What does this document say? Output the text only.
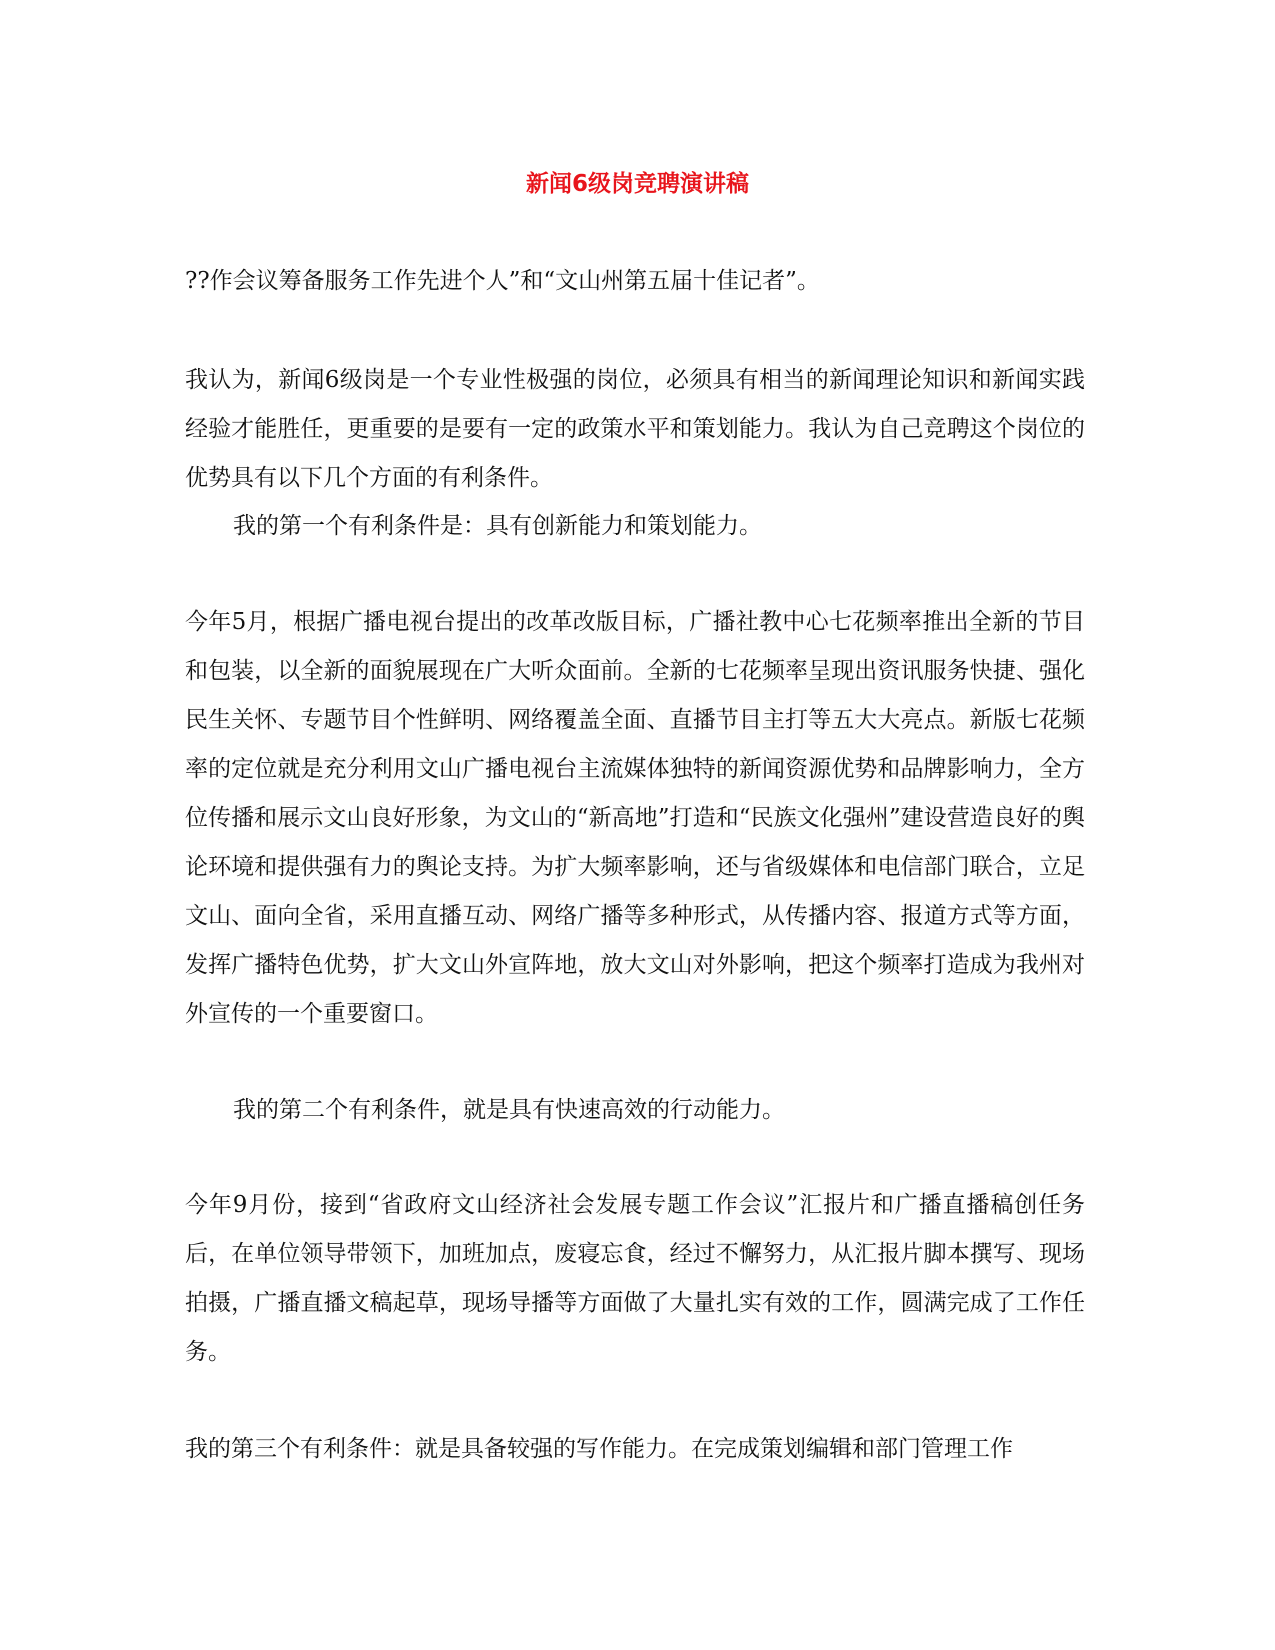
新闻6级岗竞聘演讲稿

??作会议筹备服务工作先进个人”和“文山州第五届十佳记者”。

我认为，新闻6级岗是一个专业性极强的岗位，必须具有相当的新闻理论知识和新闻实践经验才能胜任，更重要的是要有一定的政策水平和策划能力。我认为自己竞聘这个岗位的优势具有以下几个方面的有利条件。

我的第一个有利条件是：具有创新能力和策划能力。

今年5月，根据广播电视台提出的改革改版目标，广播社教中心七花频率推出全新的节目和包装，以全新的面貌展现在广大听众面前。全新的七花频率呈现出资讯服务快捷、强化民生关怀、专题节目个性鲜明、网络覆盖全面、直播节目主打等五大大亮点。新版七花频率的定位就是充分利用文山广播电视台主流媒体独特的新闻资源优势和品牌影响力，全方位传播和展示文山良好形象，为文山的“新高地”打造和“民族文化强州”建设营造良好的舆论环境和提供强有力的舆论支持。为扩大频率影响，还与省级媒体和电信部门联合，立足文山、面向全省，采用直播互动、网络广播等多种形式，从传播内容、报道方式等方面，发挥广播特色优势，扩大文山外宣阵地，放大文山对外影响，把这个频率打造成为我州对外宣传的一个重要窗口。

我的第二个有利条件，就是具有快速高效的行动能力。

今年9月份，接到“省政府文山经济社会发展专题工作会议”汇报片和广播直播稿创任务后，在单位领导带领下，加班加点，废寝忘食，经过不懈努力，从汇报片脚本撰写、现场拍摄，广播直播文稿起草，现场导播等方面做了大量扎实有效的工作，圆满完成了工作任务。

我的第三个有利条件：就是具备较强的写作能力。在完成策划编辑和部门管理工作
